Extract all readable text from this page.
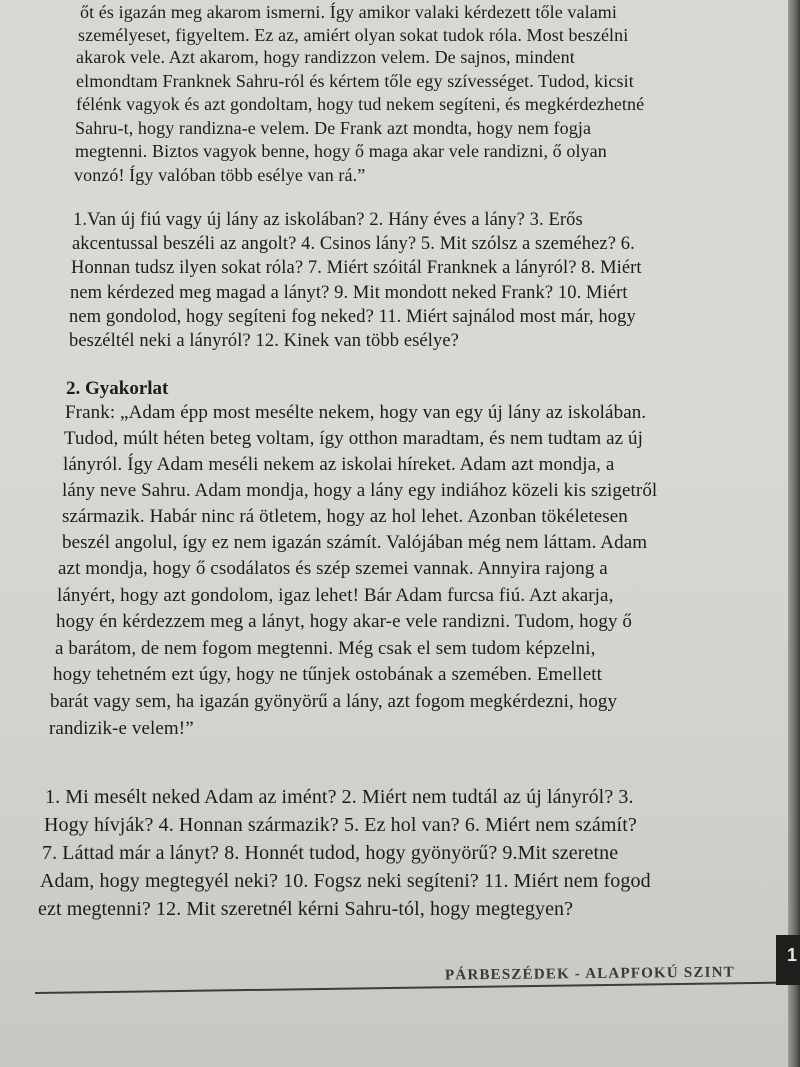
őt és igazán meg akarom ismerni. Így amikor valaki kérdezett tőle valami
személyeset, figyeltem. Ez az, amiért olyan sokat tudok róla. Most beszélni
akarok vele. Azt akarom, hogy randizzon velem. De sajnos, mindent
elmondtam Franknek Sahru-ról és kértem tőle egy szívességet. Tudod, kicsit
félénk vagyok és azt gondoltam, hogy tud nekem segíteni, és megkérdezhetné
Sahru-t, hogy randizna-e velem. De Frank azt mondta, hogy nem fogja
megtenni. Biztos vagyok benne, hogy ő maga akar vele randizni, ő olyan
vonzó! Így valóban több esélye van rá.”
1.Van új fiú vagy új lány az iskolában? 2. Hány éves a lány? 3. Erős
akcentussal beszéli az angolt? 4. Csinos lány? 5. Mit szólsz a szeméhez? 6.
Honnan tudsz ilyen sokat róla? 7. Miért szóitál Franknek a lányról? 8. Miért
nem kérdezed meg magad a lányt? 9. Mit mondott neked Frank? 10. Miért
nem gondolod, hogy segíteni fog neked? 11. Miért sajnálod most már, hogy
beszéltél neki a lányról? 12. Kinek van több esélye?
2. Gyakorlat
Frank: „Adam épp most mesélte nekem, hogy van egy új lány az iskolában.
Tudod, múlt héten beteg voltam, így otthon maradtam, és nem tudtam az új
lányról. Így Adam meséli nekem az iskolai híreket. Adam azt mondja, a
lány neve Sahru. Adam mondja, hogy a lány egy indiához közeli kis szigetről
származik. Habár ninc rá ötletem, hogy az hol lehet. Azonban tökéletesen
beszél angolul, így ez nem igazán számít. Valójában még nem láttam. Adam
azt mondja, hogy ő csodálatos és szép szemei vannak. Annyira rajong a
lányért, hogy azt gondolom, igaz lehet! Bár Adam furcsa fiú. Azt akarja,
hogy én kérdezzem meg a lányt, hogy akar-e vele randizni. Tudom, hogy ő
a barátom, de nem fogom megtenni. Még csak el sem tudom képzelni,
hogy tehetném ezt úgy, hogy ne tűnjek ostobának a szemében. Emellett
barát vagy sem, ha igazán gyönyörű a lány, azt fogom megkérdezni, hogy
randizik-e velem!”
1. Mi mesélt neked Adam az imént? 2. Miért nem tudtál az új lányról? 3.
Hogy hívják? 4. Honnan származik? 5. Ez hol van? 6. Miért nem számít?
7. Láttad már a lányt? 8. Honnét tudod, hogy gyönyörű? 9.Mit szeretne
Adam, hogy megtegyél neki? 10. Fogsz neki segíteni? 11. Miért nem fogod
ezt megtenni? 12. Mit szeretnél kérni Sahru-tól, hogy megtegyen?
PÁRBESZÉDEK - ALAPFOKÚ SZINT
1
